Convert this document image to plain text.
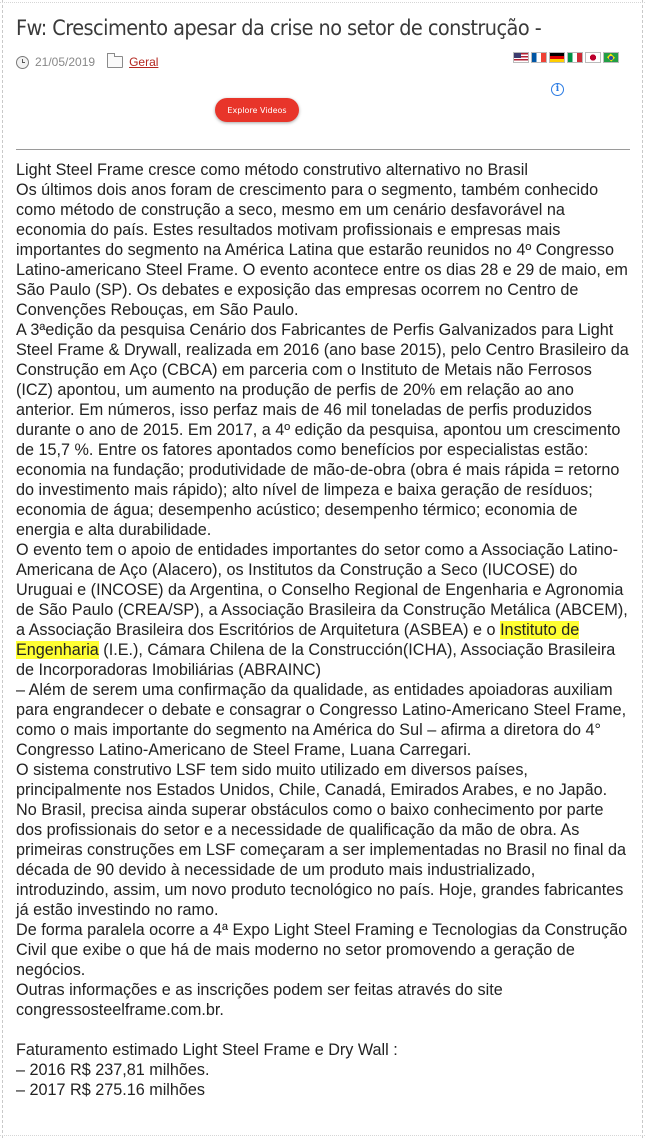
Fw: Crescimento apesar da crise no setor de construção -
21/05/2019	Geral
i
Explore Videos

Light Steel Frame cresce como método construtivo alternativo no Brasil

Os últimos dois anos foram de crescimento para o segmento, também conhecido como método de construção a seco, mesmo em um cenário desfavorável na economia do país. Estes resultados motivam profissionais e empresas mais importantes do segmento na América Latina que estarão reunidos no 4º Congresso Latino-americano Steel Frame. O evento acontece entre os dias 28 e 29 de maio, em São Paulo (SP). Os debates e exposição das empresas ocorrem no Centro de Convenções Rebouças, em São Paulo.

A 3ªedição da pesquisa Cenário dos Fabricantes de Perfis Galvanizados para Light Steel Frame & Drywall, realizada em 2016 (ano base 2015), pelo Centro Brasileiro da Construção em Aço (CBCA) em parceria com o Instituto de Metais não Ferrosos (ICZ) apontou, um aumento na produção de perfis de 20% em relação ao ano anterior. Em números, isso perfaz mais de 46 mil toneladas de perfis produzidos durante o ano de 2015. Em 2017, a 4º edição da pesquisa, apontou um crescimento de 15,7 %. Entre os fatores apontados como benefícios por especialistas estão: economia na fundação; produtividade de mão-de-obra (obra é mais rápida = retorno do investimento mais rápido); alto nível de limpeza e baixa geração de resíduos; economia de água; desempenho acústico; desempenho térmico; economia de energia e alta durabilidade.

O evento tem o apoio de entidades importantes do setor como a Associação Latino-Americana de Aço (Alacero), os Institutos da Construção a Seco (IUCOSE) do Uruguai e (INCOSE) da Argentina, o Conselho Regional de Engenharia e Agronomia de São Paulo (CREA/SP), a Associação Brasileira da Construção Metálica (ABCEM), a Associação Brasileira dos Escritórios de Arquitetura (ASBEA) e o Instituto de Engenharia (I.E.), Cámara Chilena de la Construcción(ICHA), Associação Brasileira de Incorporadoras Imobiliárias (ABRAINC)

– Além de serem uma confirmação da qualidade, as entidades apoiadoras auxiliam para engrandecer o debate e consagrar o Congresso Latino-Americano Steel Frame, como o mais importante do segmento na América do Sul – afirma a diretora do 4° Congresso Latino-Americano de Steel Frame, Luana Carregari.

O sistema construtivo LSF tem sido muito utilizado em diversos países, principalmente nos Estados Unidos, Chile, Canadá, Emirados Arabes, e no Japão. No Brasil, precisa ainda superar obstáculos como o baixo conhecimento por parte dos profissionais do setor e a necessidade de qualificação da mão de obra. As primeiras construções em LSF começaram a ser implementadas no Brasil no final da década de 90 devido à necessidade de um produto mais industrializado, introduzindo, assim, um novo produto tecnológico no país. Hoje, grandes fabricantes já estão investindo no ramo.

De forma paralela ocorre a 4ª Expo Light Steel Framing e Tecnologias da Construção Civil que exibe o que há de mais moderno no setor promovendo a geração de negócios.

Outras informações e as inscrições podem ser feitas através do site congressosteelframe.com.br.

Faturamento estimado Light Steel Frame e Dry Wall :

– 2016 R$ 237,81 milhões.

– 2017 R$ 275.16 milhões
